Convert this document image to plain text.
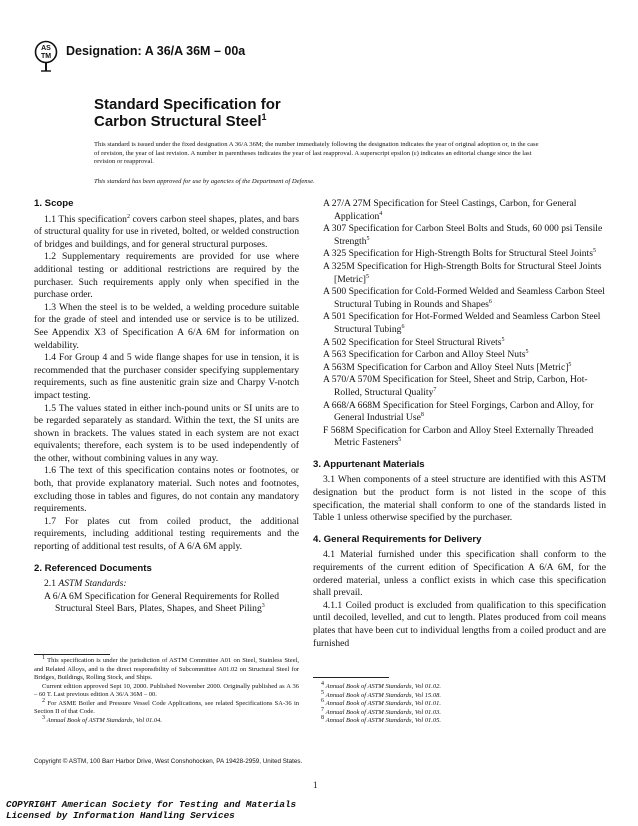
AS
TM Designation: A 36/A 36M – 00a
Standard Specification for
Carbon Structural Steel$^1$
This standard is issued under the fixed designation A 36/A 36M; the number immediately following the designation indicates the year of original adoption or, in the case of revision, the year of last revision. A number in parentheses indicates the year of last reapproval. A superscript epsilon (ε) indicates an editorial change since the last revision or reapproval.
This standard has been approved for use by agencies of the Department of Defense.
1. Scope

1.1 This specification$^2$ covers carbon steel shapes, plates, and bars of structural quality for use in riveted, bolted, or welded construction of bridges and buildings, and for general structural purposes.

1.2 Supplementary requirements are provided for use where additional testing or additional restrictions are required by the purchaser. Such requirements apply only when specified in the purchase order.

1.3 When the steel is to be welded, a welding procedure suitable for the grade of steel and intended use or service is to be utilized. See Appendix X3 of Specification A 6/A 6M for information on weldability.

1.4 For Group 4 and 5 wide flange shapes for use in tension, it is recommended that the purchaser consider specifying supplementary requirements, such as fine austenitic grain size and Charpy V-notch impact testing.

1.5 The values stated in either inch-pound units or SI units are to be regarded separately as standard. Within the text, the SI units are shown in brackets. The values stated in each system are not exact equivalents; therefore, each system is to be used independently of the other, without combining values in any way.

1.6 The text of this specification contains notes or footnotes, or both, that provide explanatory material. Such notes and footnotes, excluding those in tables and figures, do not contain any mandatory requirements.

1.7 For plates cut from coiled product, the additional requirements, including additional testing requirements and the reporting of additional test results, of A 6/A 6M apply.

2. Referenced Documents

2.1 ASTM Standards:

A 6/A 6M Specification for General Requirements for Rolled Structural Steel Bars, Plates, Shapes, and Sheet Piling$^3$

A 27/A 27M Specification for Steel Castings, Carbon, for General Application$^4$

A 307 Specification for Carbon Steel Bolts and Studs, 60 000 psi Tensile Strength$^5$

A 325 Specification for High-Strength Bolts for Structural Steel Joints$^5$

A 325M Specification for High-Strength Bolts for Structural Steel Joints [Metric]$^5$

A 500 Specification for Cold-Formed Welded and Seamless Carbon Steel Structural Tubing in Rounds and Shapes$^6$

A 501 Specification for Hot-Formed Welded and Seamless Carbon Steel Structural Tubing$^6$

A 502 Specification for Steel Structural Rivets$^5$

A 563 Specification for Carbon and Alloy Steel Nuts$^5$

A 563M Specification for Carbon and Alloy Steel Nuts [Metric]$^5$

A 570/A 570M Specification for Steel, Sheet and Strip, Carbon, Hot-Rolled, Structural Quality$^7$

A 668/A 668M Specification for Steel Forgings, Carbon and Alloy, for General Industrial Use$^8$

F 568M Specification for Carbon and Alloy Steel Externally Threaded Metric Fasteners$^5$

3. Appurtenant Materials

3.1 When components of a steel structure are identified with this ASTM designation but the product form is not listed in the scope of this specification, the material shall conform to one of the standards listed in Table 1 unless otherwise specified by the purchaser.

4. General Requirements for Delivery

4.1 Material furnished under this specification shall conform to the requirements of the current edition of Specification A 6/A 6M, for the ordered material, unless a conflict exists in which case this specification shall prevail.

4.1.1 Coiled product is excluded from qualification to this specification until decoiled, levelled, and cut to length. Plates produced from coil means plates that have been cut to individual lengths from a coiled product and are furnished

$^1$ This specification is under the jurisdiction of ASTM Committee A01 on Steel, Stainless Steel, and Related Alloys, and is the direct responsibility of Subcommittee A01.02 on Structural Steel for Bridges, Buildings, Rolling Stock, and Ships.

Current edition approved Sept 10, 2000. Published November 2000. Originally published as A 36 – 60 T. Last previous edition A 36/A 36M – 00.

$^2$ For ASME Boiler and Pressure Vessel Code Applications, see related Specifications SA-36 in Section II of that Code.

$^3$ Annual Book of ASTM Standards, Vol 01.04.

$^4$ Annual Book of ASTM Standards, Vol 01.02.

$^5$ Annual Book of ASTM Standards, Vol 15.08.

$^6$ Annual Book of ASTM Standards, Vol 01.01.

$^7$ Annual Book of ASTM Standards, Vol 01.03.

$^8$ Annual Book of ASTM Standards, Vol 01.05.

Copyright © ASTM, 100 Barr Harbor Drive, West Conshohocken, PA 19428-2959, United States.
1
COPYRIGHT American Society for Testing and Materials
Licensed by Information Handling Services
